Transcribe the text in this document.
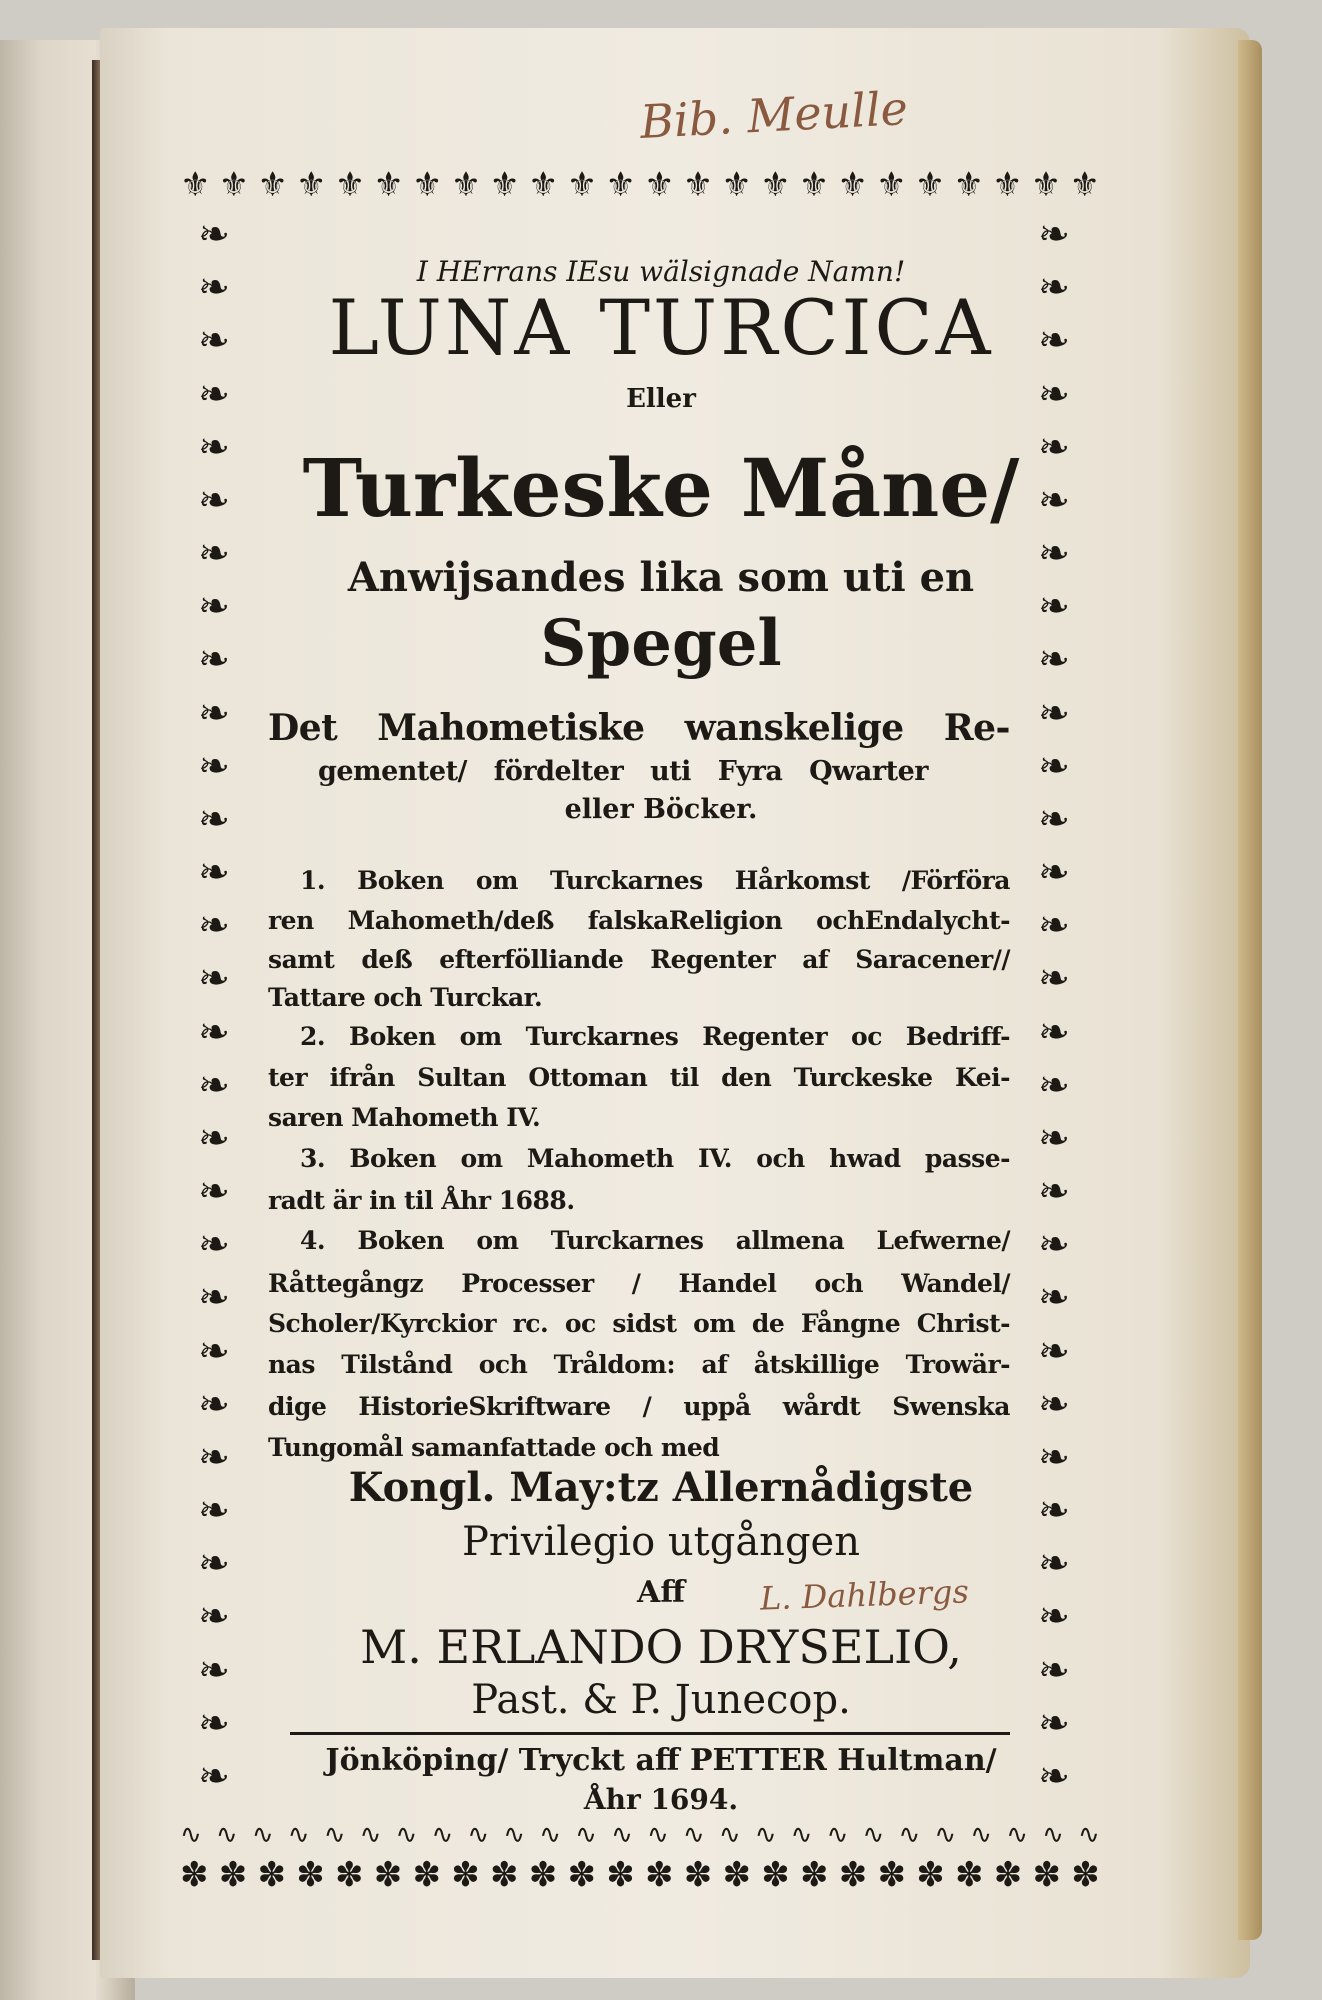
Bib. Meulle
⚜ ⚜ ⚜ ⚜ ⚜ ⚜ ⚜ ⚜ ⚜ ⚜ ⚜ ⚜ ⚜ ⚜ ⚜ ⚜ ⚜ ⚜ ⚜ ⚜ ⚜ ⚜ ⚜ ⚜
❧
❧
❧
❧
❧
❧
❧
❧
❧
❧
❧
❧
❧
❧
❧
❧
❧
❧
❧
❧
❧
❧
❧
❧
❧
❧
❧
❧
❧
❧
❧
❧
❧
❧
❧
❧
❧
❧
❧
❧
❧
❧
❧
❧
❧
❧
❧
❧
❧
❧
❧
❧
❧
❧
❧
❧
❧
❧
❧
❧
∿ ∿ ∿ ∿ ∿ ∿ ∿ ∿ ∿ ∿ ∿ ∿ ∿ ∿ ∿ ∿ ∿ ∿ ∿ ∿ ∿ ∿ ∿ ∿ ∿ ∿
✽ ✽ ✽ ✽ ✽ ✽ ✽ ✽ ✽ ✽ ✽ ✽ ✽ ✽ ✽ ✽ ✽ ✽ ✽ ✽ ✽ ✽ ✽ ✽
I HErrans IEsu wälsignade Namn!
LUNA TURCICA
Eller
Turkeske Måne/
Anwijsandes lika som uti en
Spegel
Det Mahometiske wanskelige Re-
gementet/ fördelter uti Fyra Qwarter
eller Böcker.
1. Boken om Turckarnes Hårkomst /Förföra
ren Mahometh/deß falskaReligion ochEndalycht-
samt deß efterfölliande Regenter af Saracener//
Tattare och Turckar.
2. Boken om Turckarnes Regenter oc Bedriff-
ter ifrån Sultan Ottoman til den Turckeske Kei-
saren Mahometh IV.
3. Boken om Mahometh IV. och hwad passe-
radt är in til Åhr 1688.
4. Boken om Turckarnes allmena Lefwerne/
Råttegångz Processer / Handel och Wandel/
Scholer/Kyrckior rc. oc sidst om de Fångne Christ-
nas Tilstånd och Tråldom: af åtskillige Trowär-
dige HistorieSkriftware / uppå wårdt Swenska
Tungomål samanfattade och med
Kongl. May:tz Allernådigste
Privilegio utgången
Aff	L. Dahlbergs
M. ERLANDO DRYSELIO,
Past. & P. Junecop.
Jönköping/ Tryckt aff PETTER Hultman/
Åhr 1694.
